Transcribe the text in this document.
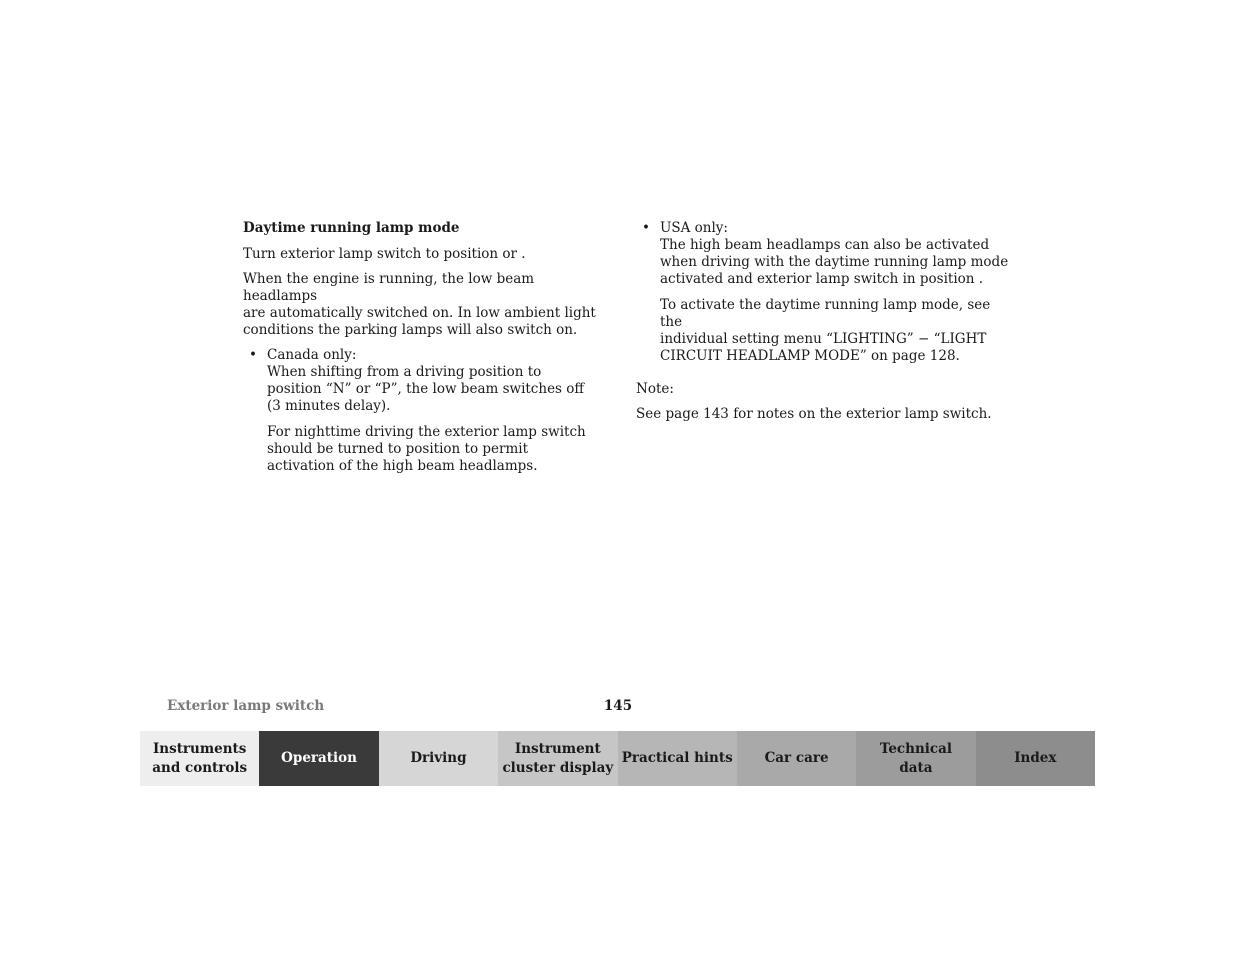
Daytime running lamp mode
Turn exterior lamp switch to position or .
When the engine is running, the low beam headlamps
are automatically switched on. In low ambient light
conditions the parking lamps will also switch on.
• Canada only:
When shifting from a driving position to
position “N” or “P”, the low beam switches off
(3 minutes delay).
For nighttime driving the exterior lamp switch
should be turned to position to permit
activation of the high beam headlamps.
• USA only:
The high beam headlamps can also be activated
when driving with the daytime running lamp mode
activated and exterior lamp switch in position .
To activate the daytime running lamp mode, see the
individual setting menu “LIGHTING” − “LIGHT
CIRCUIT HEADLAMP MODE” on page 128.
Note:
See page 143 for notes on the exterior lamp switch.
Exterior lamp switch	145
Instruments
and controls
Operation	Driving
Instrument
cluster display
Practical hints	Car care
Technical
data
Index
